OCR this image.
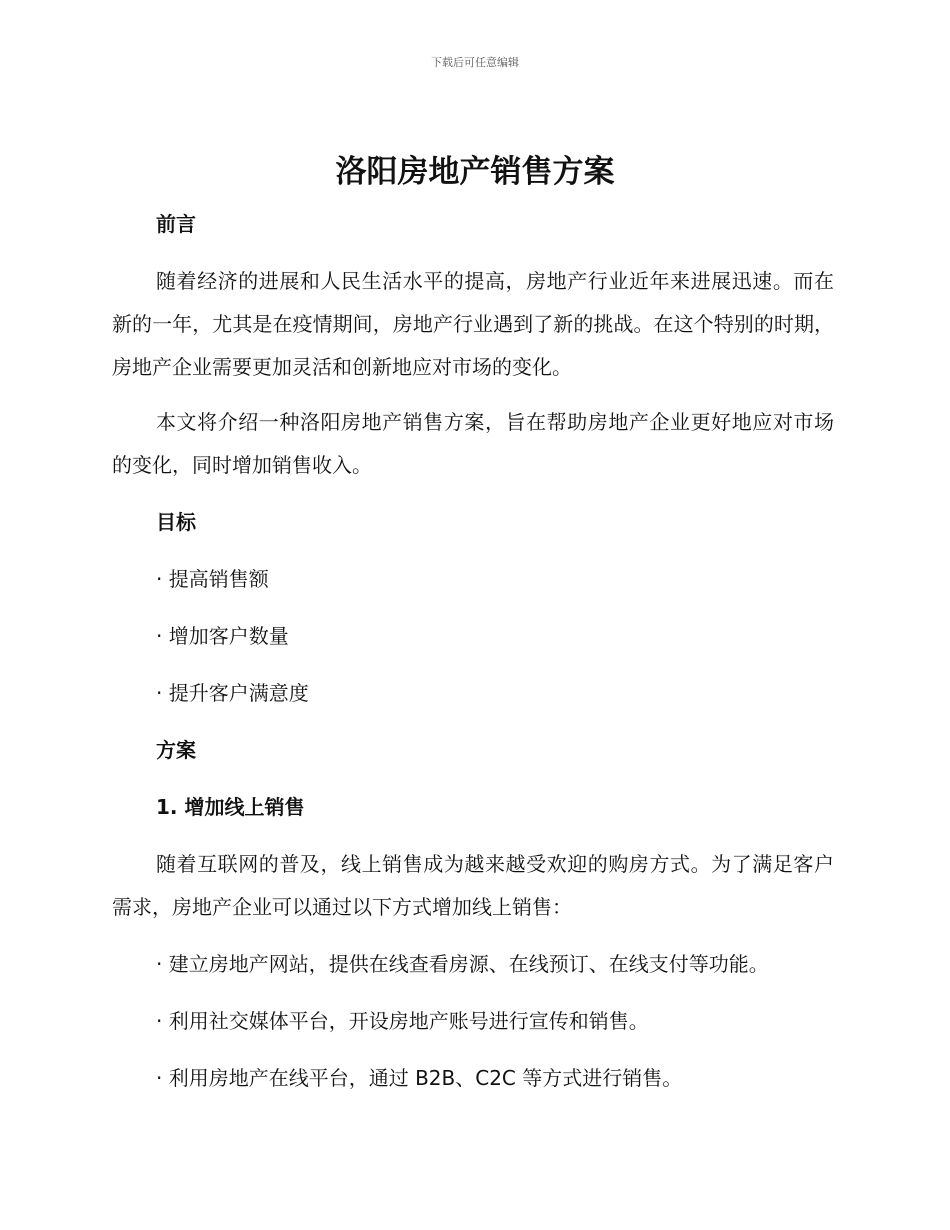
下载后可任意编辑
洛阳房地产销售方案
前言

随着经济的进展和人民生活水平的提高，房地产行业近年来进展迅速。而在新的一年，尤其是在疫情期间，房地产行业遇到了新的挑战。在这个特别的时期，房地产企业需要更加灵活和创新地应对市场的变化。

本文将介绍一种洛阳房地产销售方案，旨在帮助房地产企业更好地应对市场的变化，同时增加销售收入。

目标
· 提高销售额
· 增加客户数量
· 提升客户满意度
方案
1. 增加线上销售

随着互联网的普及，线上销售成为越来越受欢迎的购房方式。为了满足客户需求，房地产企业可以通过以下方式增加线上销售：

· 建立房地产网站，提供在线查看房源、在线预订、在线支付等功能。
· 利用社交媒体平台，开设房地产账号进行宣传和销售。
· 利用房地产在线平台，通过 B2B、C2C 等方式进行销售。
